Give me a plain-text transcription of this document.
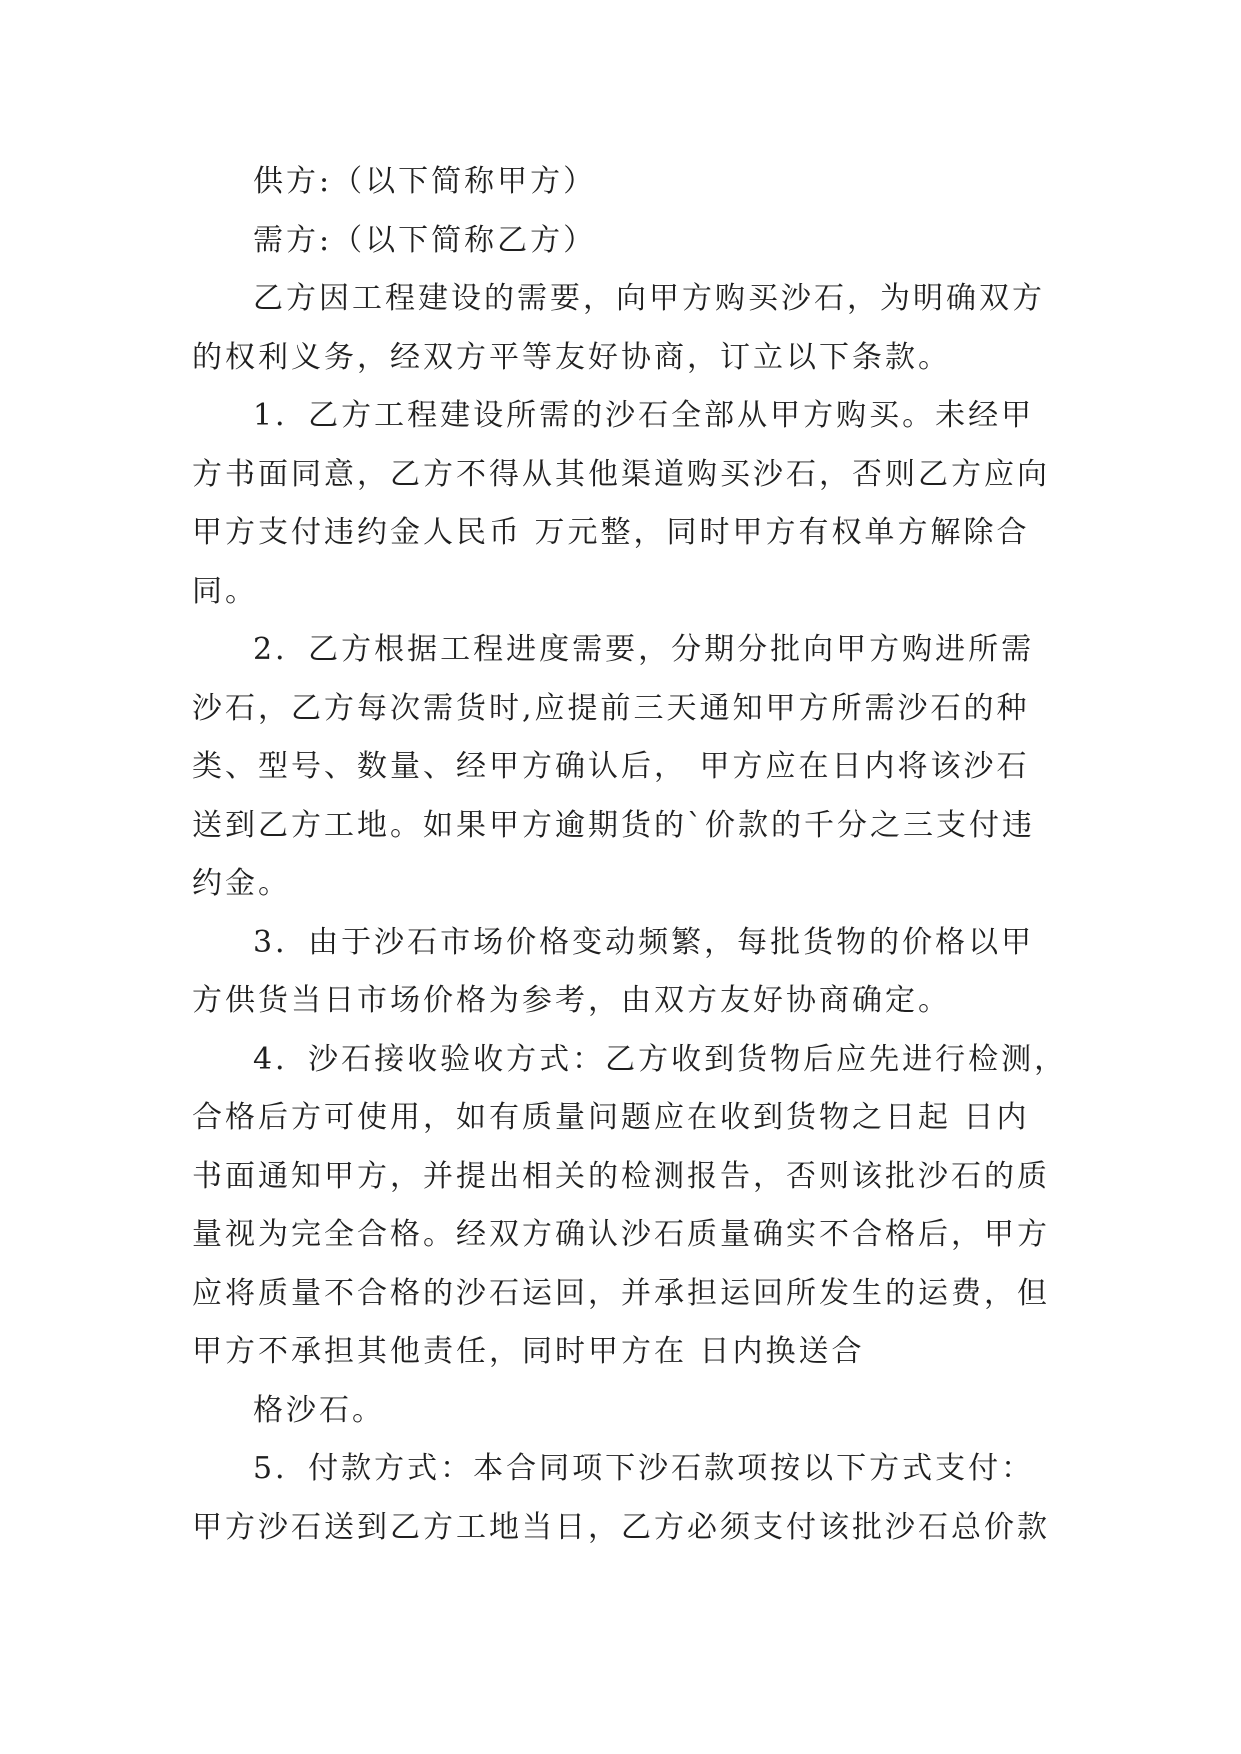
供方:（以下简称甲方）
需方:（以下简称乙方）
乙方因工程建设的需要，向甲方购买沙石，为明确双方
的权利义务，经双方平等友好协商，订立以下条款。
1．乙方工程建设所需的沙石全部从甲方购买。未经甲
方书面同意，乙方不得从其他渠道购买沙石，否则乙方应向
甲方支付违约金人民币 万元整，同时甲方有权单方解除合
同。
2．乙方根据工程进度需要，分期分批向甲方购进所需
沙石，乙方每次需货时,应提前三天通知甲方所需沙石的种
类、型号、数量、经甲方确认后， 甲方应在日内将该沙石
送到乙方工地。如果甲方逾期货的`价款的千分之三支付违
约金。
3．由于沙石市场价格变动频繁，每批货物的价格以甲
方供货当日市场价格为参考，由双方友好协商确定。
4．沙石接收验收方式：乙方收到货物后应先进行检测，
合格后方可使用，如有质量问题应在收到货物之日起 日内
书面通知甲方，并提出相关的检测报告，否则该批沙石的质
量视为完全合格。经双方确认沙石质量确实不合格后，甲方
应将质量不合格的沙石运回，并承担运回所发生的运费，但
甲方不承担其他责任，同时甲方在 日内换送合
格沙石。
5．付款方式：本合同项下沙石款项按以下方式支付：
甲方沙石送到乙方工地当日，乙方必须支付该批沙石总价款
